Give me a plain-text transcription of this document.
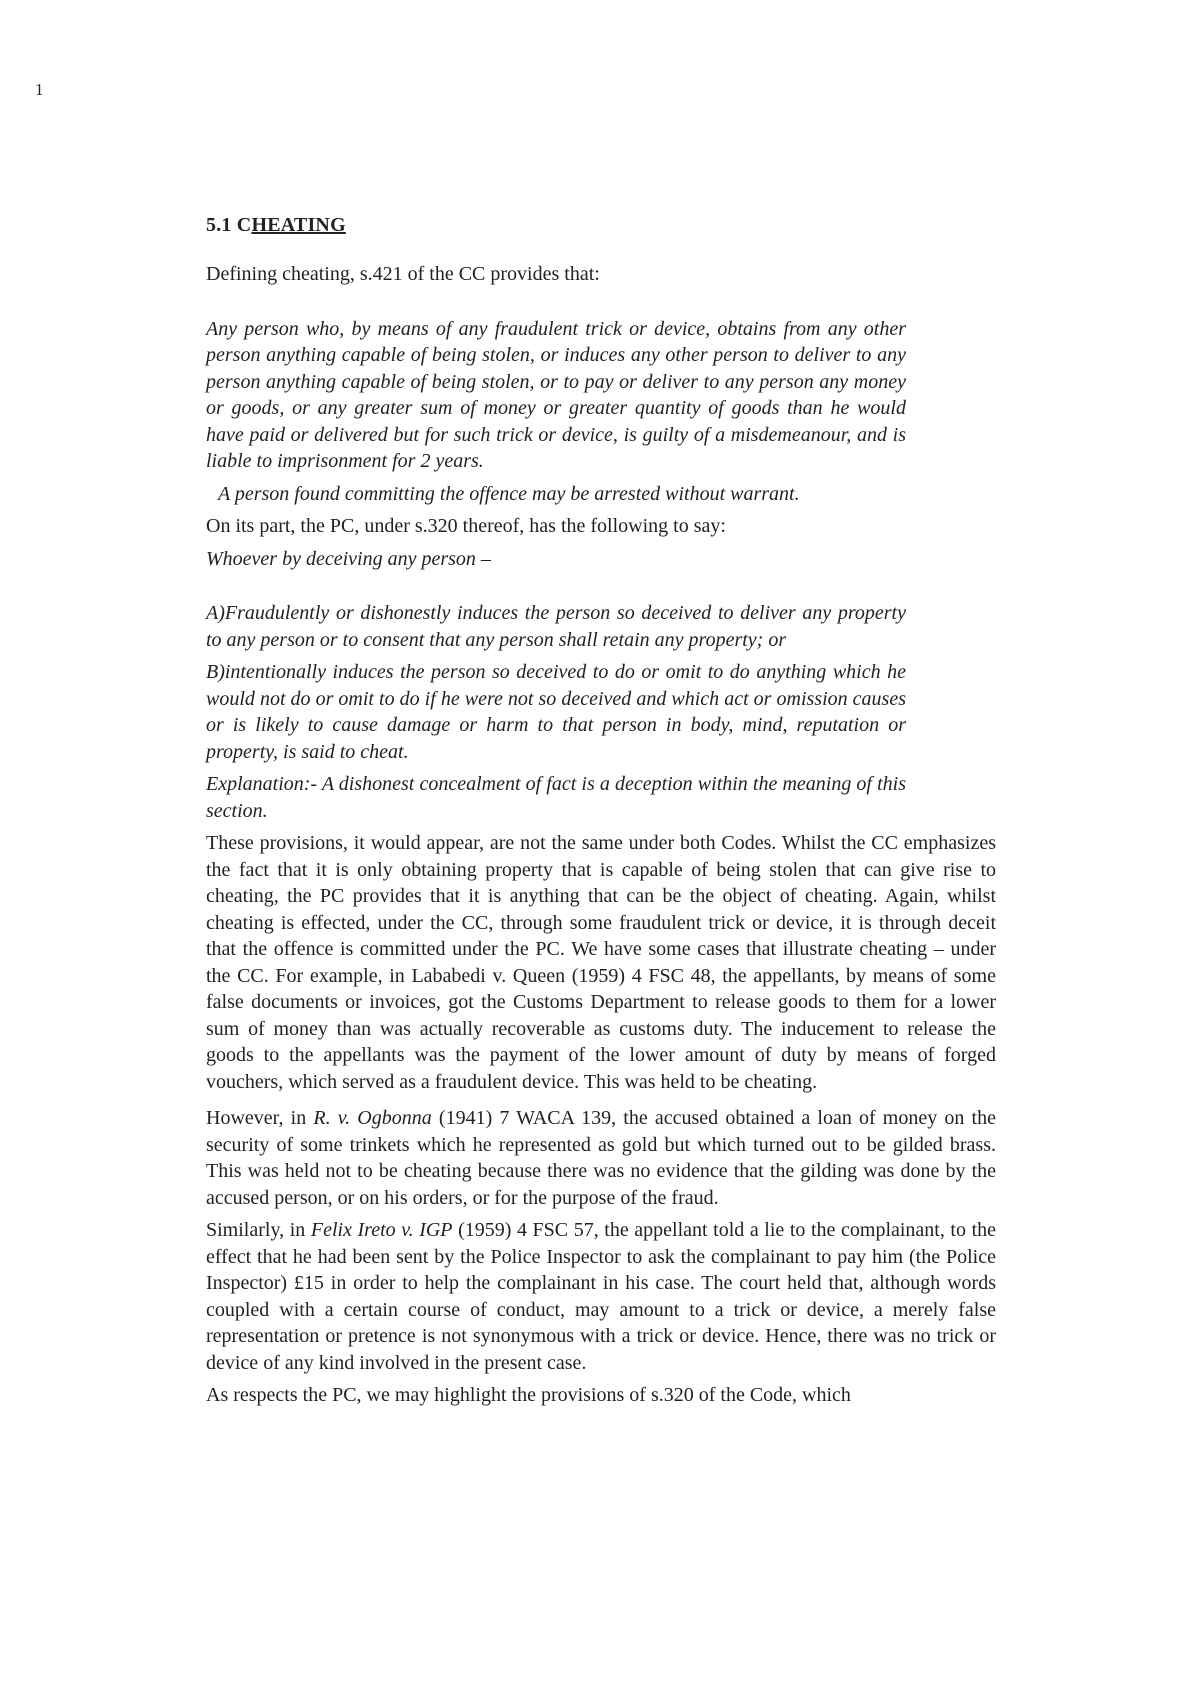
1
5.1 CHEATING

Defining cheating, s.421 of the CC provides that:

Any person who, by means of any fraudulent trick or device, obtains from any other person anything capable of being stolen, or induces any other person to deliver to any person anything capable of being stolen, or to pay or deliver to any person any money or goods, or any greater sum of money or greater quantity of goods than he would have paid or delivered but for such trick or device, is guilty of a misdemeanour, and is liable to imprisonment for 2 years.

A person found committing the offence may be arrested without warrant.

On its part, the PC, under s.320 thereof, has the following to say:

Whoever by deceiving any person –

A)Fraudulently or dishonestly induces the person so deceived to deliver any property to any person or to consent that any person shall retain any property; or

B)intentionally induces the person so deceived to do or omit to do anything which he would not do or omit to do if he were not so deceived and which act or omission causes or is likely to cause damage or harm to that person in body, mind, reputation or property, is said to cheat.

Explanation:- A dishonest concealment of fact is a deception within the meaning of this section.

These provisions, it would appear, are not the same under both Codes. Whilst the CC emphasizes the fact that it is only obtaining property that is capable of being stolen that can give rise to cheating, the PC provides that it is anything that can be the object of cheating. Again, whilst cheating is effected, under the CC, through some fraudulent trick or device, it is through deceit that the offence is committed under the PC. We have some cases that illustrate cheating – under the CC. For example, in Lababedi v. Queen (1959) 4 FSC 48, the appellants, by means of some false documents or invoices, got the Customs Department to release goods to them for a lower sum of money than was actually recoverable as customs duty. The inducement to release the goods to the appellants was the payment of the lower amount of duty by means of forged vouchers, which served as a fraudulent device. This was held to be cheating.

However, in R. v. Ogbonna (1941) 7 WACA 139, the accused obtained a loan of money on the security of some trinkets which he represented as gold but which turned out to be gilded brass. This was held not to be cheating because there was no evidence that the gilding was done by the accused person, or on his orders, or for the purpose of the fraud.

Similarly, in Felix Ireto v. IGP (1959) 4 FSC 57, the appellant told a lie to the complainant, to the effect that he had been sent by the Police Inspector to ask the complainant to pay him (the Police Inspector) £15 in order to help the complainant in his case. The court held that, although words coupled with a certain course of conduct, may amount to a trick or device, a merely false representation or pretence is not synonymous with a trick or device. Hence, there was no trick or device of any kind involved in the present case.

As respects the PC, we may highlight the provisions of s.320 of the Code, which
